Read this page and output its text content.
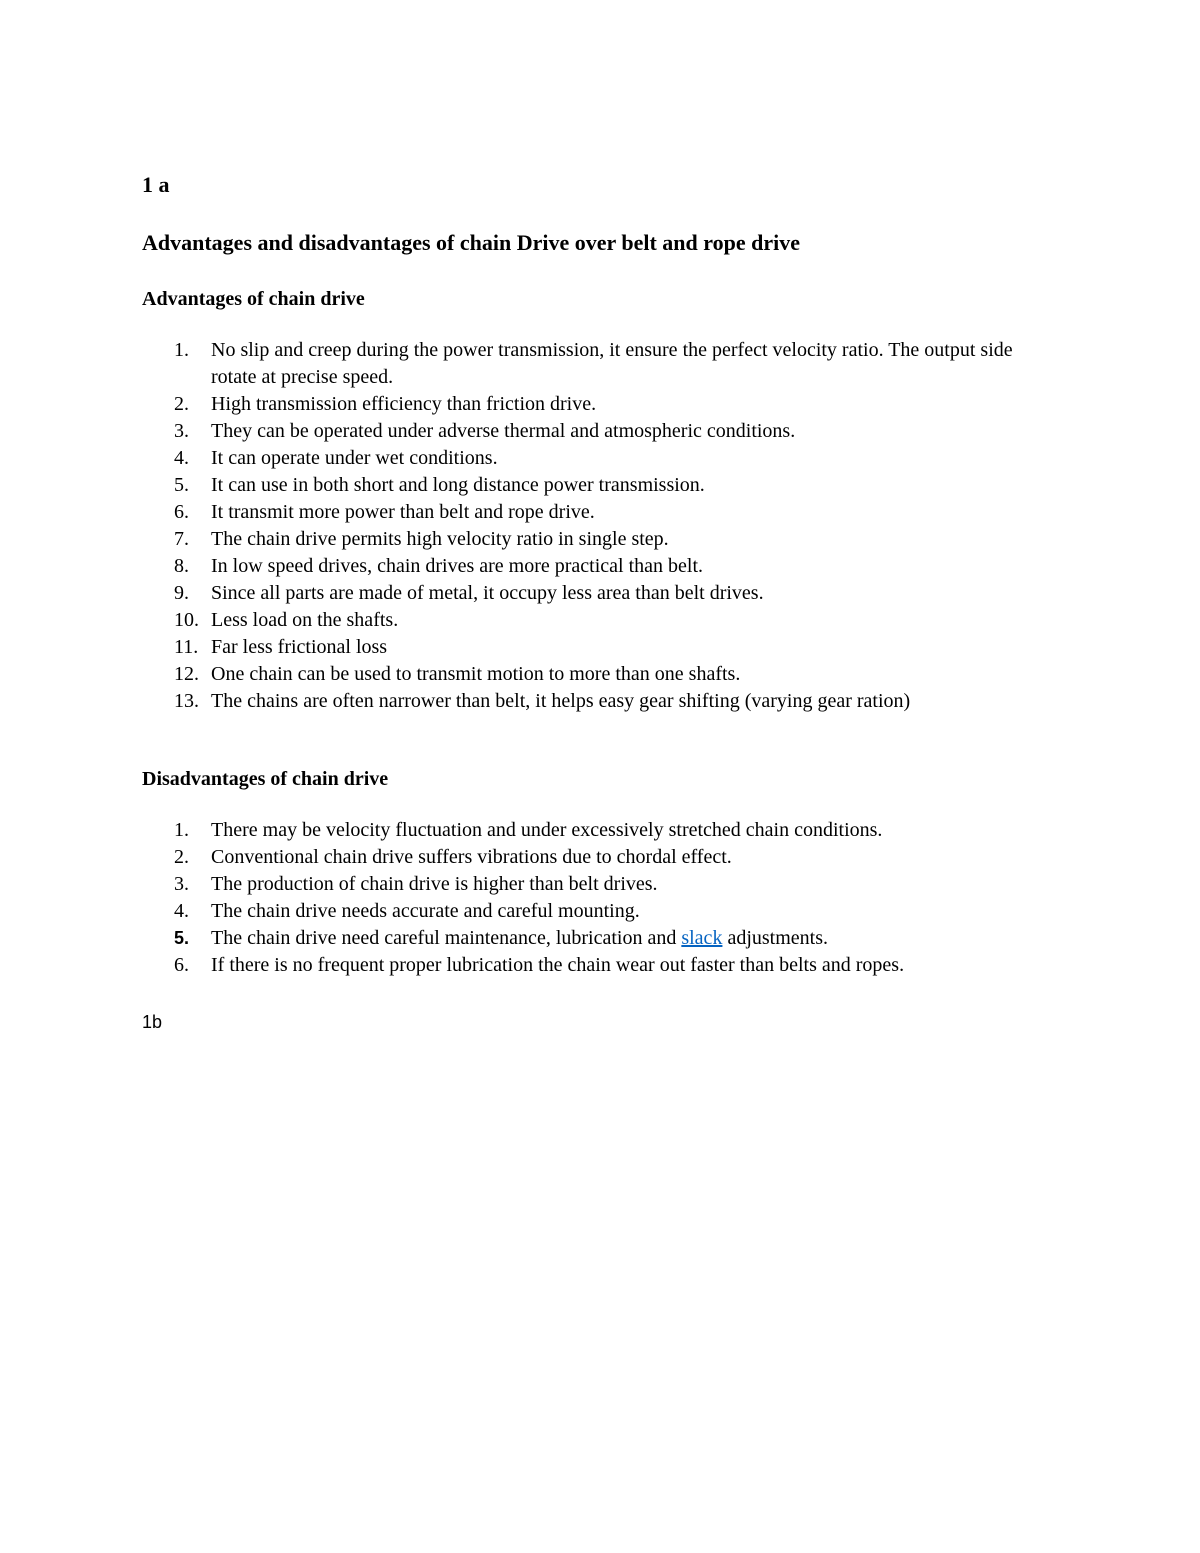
1 a

Advantages and disadvantages of chain Drive over belt and rope drive

Advantages of chain drive

1.	No slip and creep during the power transmission, it ensure the perfect velocity ratio. The output side rotate at precise speed.
2.	High transmission efficiency than friction drive.
3.	They can be operated under adverse thermal and atmospheric conditions.
4.	It can operate under wet conditions.
5.	It can use in both short and long distance power transmission.
6.	It transmit more power than belt and rope drive.
7.	The chain drive permits high velocity ratio in single step.
8.	In low speed drives, chain drives are more practical than belt.
9.	Since all parts are made of metal, it occupy less area than belt drives.
10. Less load on the shafts.
11. Far less frictional loss
12. One chain can be used to transmit motion to more than one shafts.
13. The chains are often narrower than belt, it helps easy gear shifting (varying gear ration)

Disadvantages of chain drive

1.	There may be velocity fluctuation and under excessively stretched chain conditions.
2.	Conventional chain drive suffers vibrations due to chordal effect.
3.	The production of chain drive is higher than belt drives.
4.	The chain drive needs accurate and careful mounting.
5.	The chain drive need careful maintenance, lubrication and slack adjustments.
6.	If there is no frequent proper lubrication the chain wear out faster than belts and ropes.

1b
